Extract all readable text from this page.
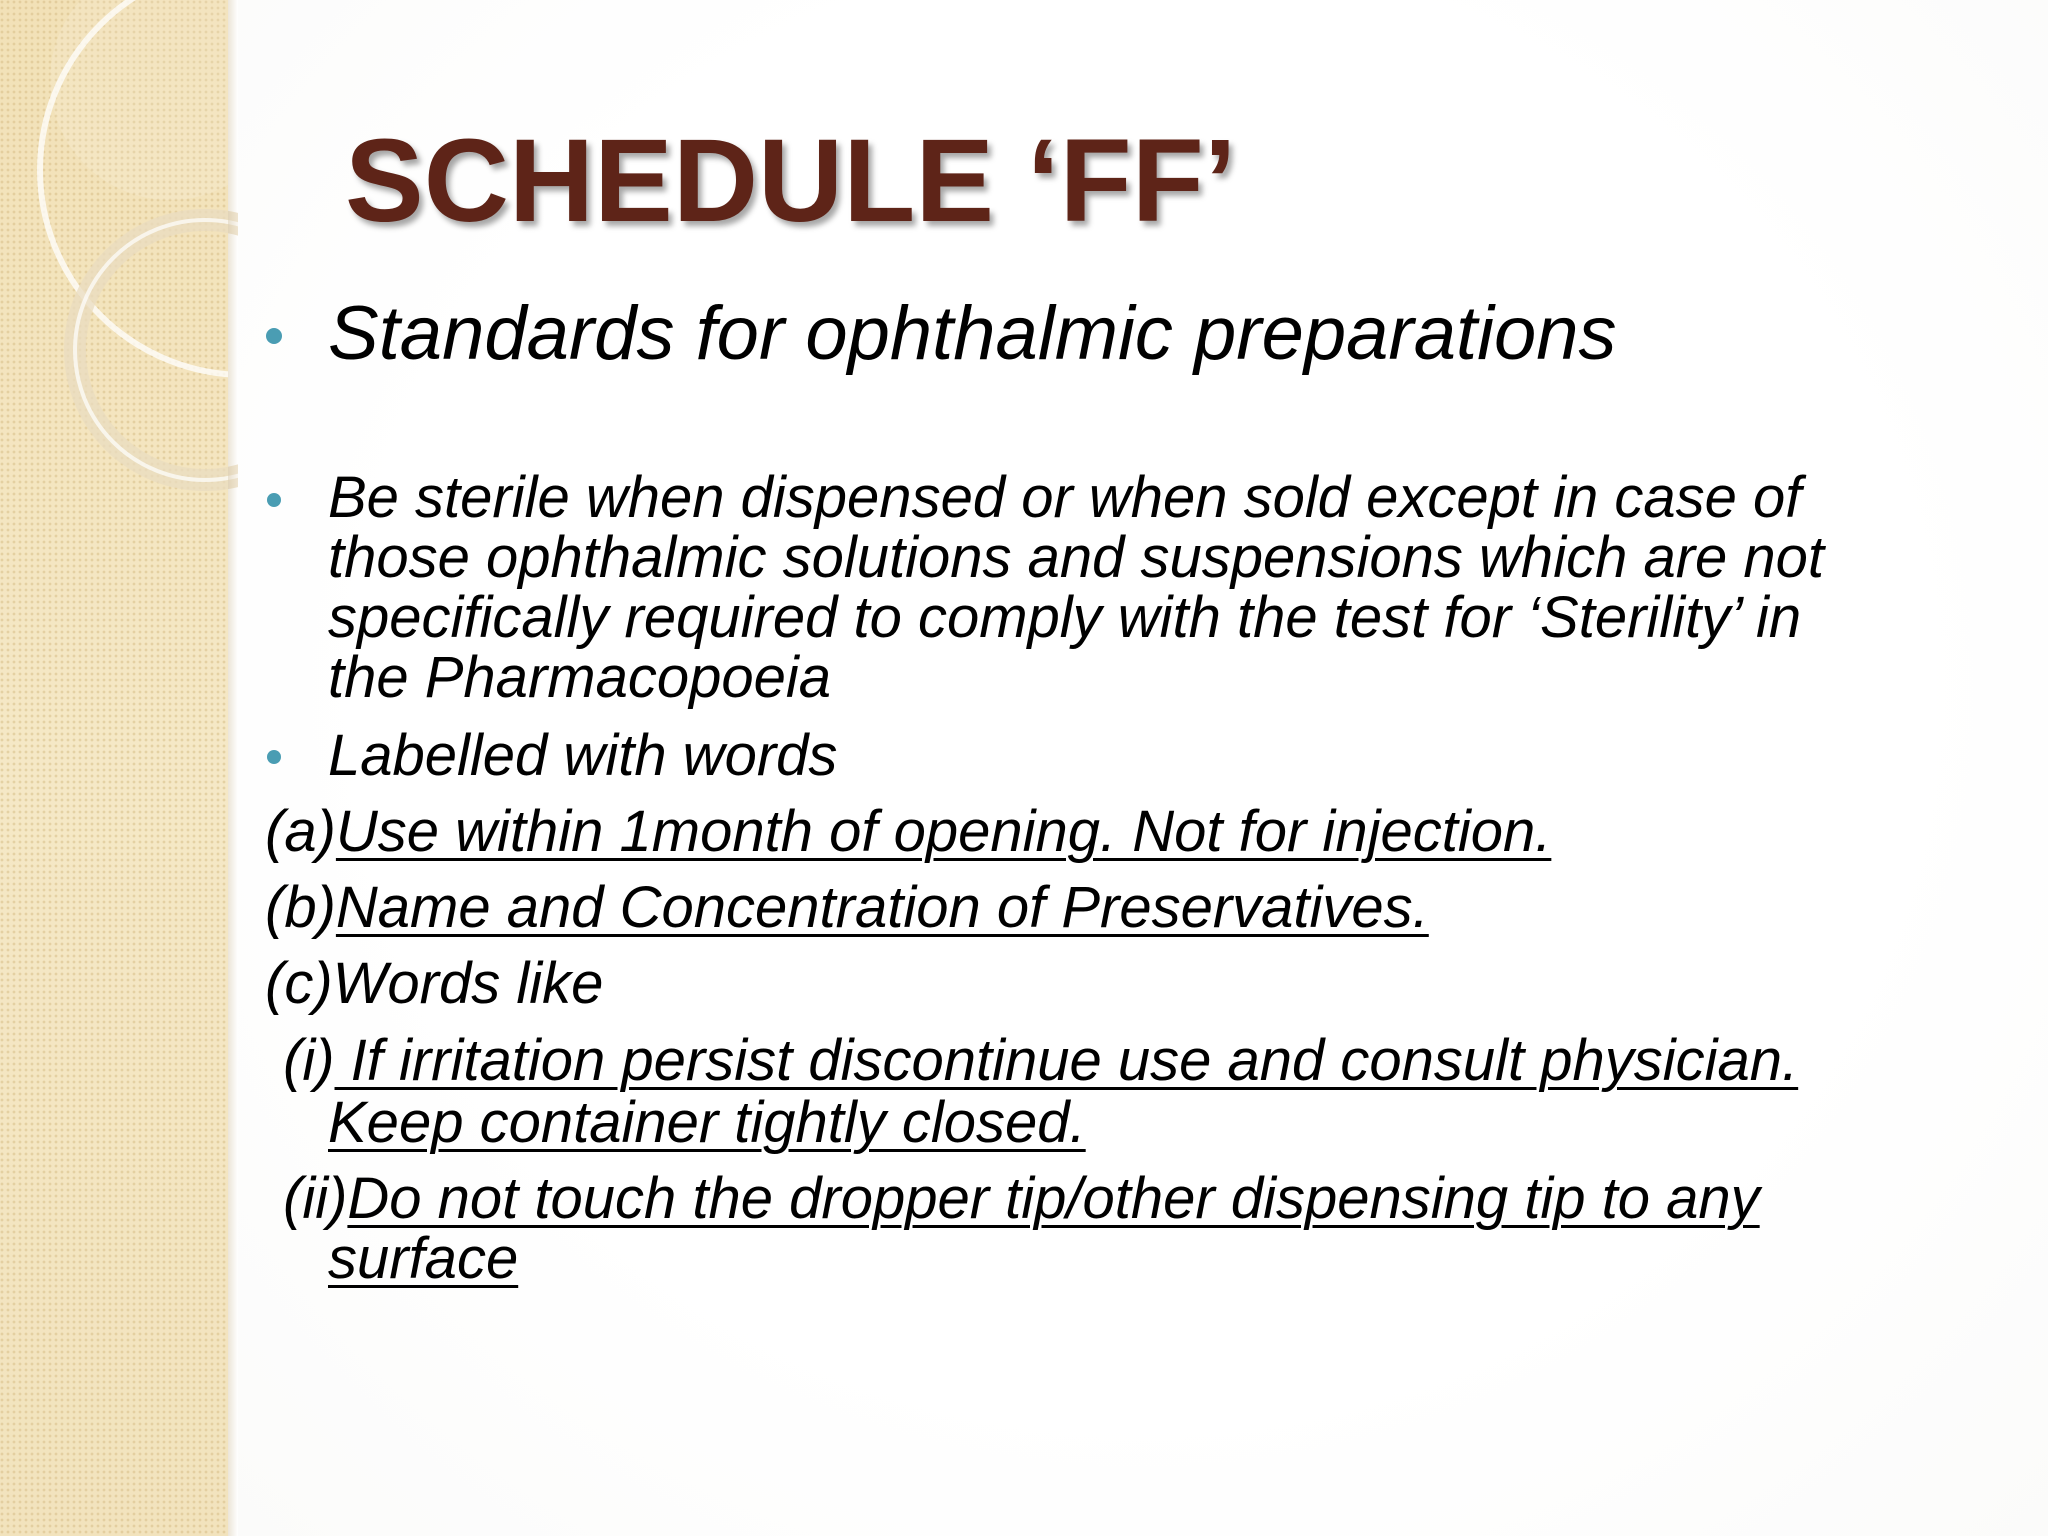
SCHEDULE ‘FF’

Standards for ophthalmic preparations

Be sterile when dispensed or when sold except in case of

those ophthalmic solutions and suspensions which are not

specifically required to comply with the test for ‘Sterility’ in

the Pharmacopoeia

Labelled with words

(a)Use within 1month of opening. Not for injection.

(b)Name and Concentration of Preservatives.

(c)Words like

(i) If irritation persist discontinue use and consult physician.

Keep container tightly closed.

(ii)Do not touch the dropper tip/other dispensing tip to any

surface
